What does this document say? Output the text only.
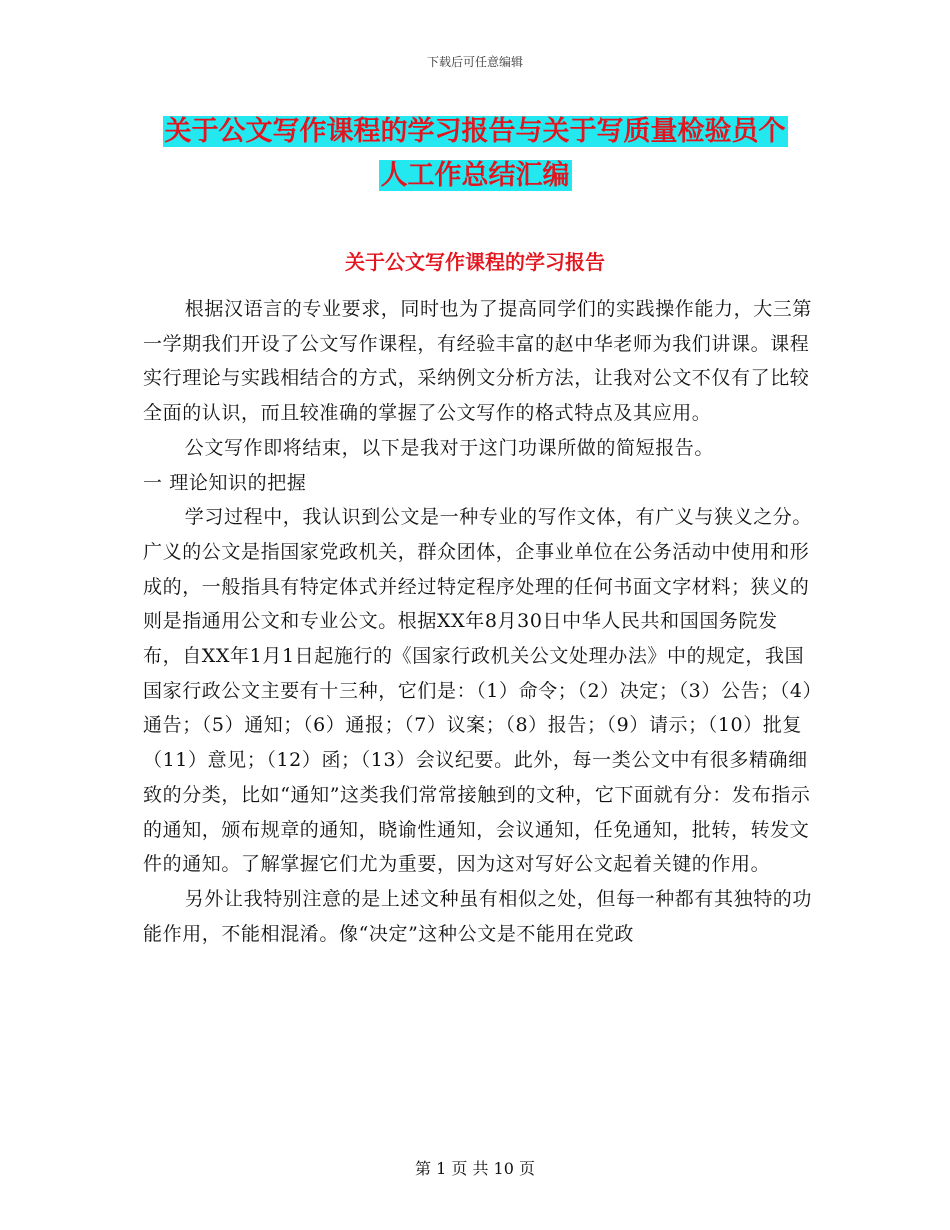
下载后可任意编辑
关于公文写作课程的学习报告与关于写质量检验员个
人工作总结汇编
关于公文写作课程的学习报告

根据汉语言的专业要求，同时也为了提高同学们的实践操作能力，大三第一学期我们开设了公文写作课程，有经验丰富的赵中华老师为我们讲课。课程实行理论与实践相结合的方式，采纳例文分析方法，让我对公文不仅有了比较全面的认识，而且较准确的掌握了公文写作的格式特点及其应用。

公文写作即将结束，以下是我对于这门功课所做的简短报告。

一 理论知识的把握

学习过程中，我认识到公文是一种专业的写作文体，有广义与狭义之分。广义的公文是指国家党政机关，群众团体，企事业单位在公务活动中使用和形成的，一般指具有特定体式并经过特定程序处理的任何书面文字材料；狭义的则是指通用公文和专业公文。根据XX年8月30日中华人民共和国国务院发布，自XX年1月1日起施行的《国家行政机关公文处理办法》中的规定，我国国家行政公文主要有十三种，它们是：（1）命令；（2）决定；（3）公告；（4）通告；（5）通知；（6）通报；（7）议案；（8）报告；（9）请示；（10）批复（11）意见；（12）函；（13）会议纪要。此外，每一类公文中有很多精确细致的分类，比如“通知”这类我们常常接触到的文种，它下面就有分：发布指示的通知，颁布规章的通知，晓谕性通知，会议通知，任免通知，批转，转发文件的通知。了解掌握它们尤为重要，因为这对写好公文起着关键的作用。

另外让我特别注意的是上述文种虽有相似之处，但每一种都有其独特的功能作用，不能相混淆。像“决定”这种公文是不能用在党政

第 1 页 共 10 页
